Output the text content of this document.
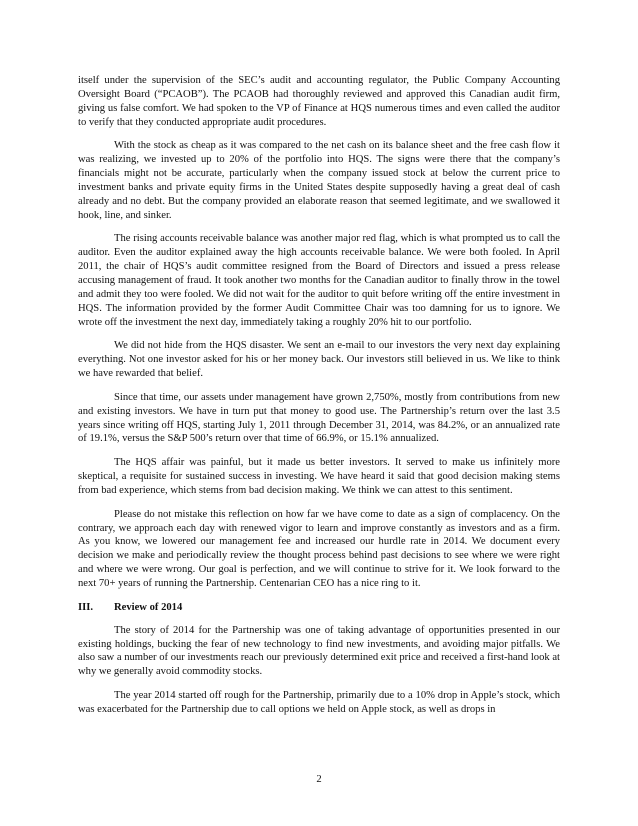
itself under the supervision of the SEC’s audit and accounting regulator, the Public Company Accounting Oversight Board (“PCAOB”). The PCAOB had thoroughly reviewed and approved this Canadian audit firm, giving us false comfort. We had spoken to the VP of Finance at HQS numerous times and even called the auditor to verify that they conducted appropriate audit procedures.

With the stock as cheap as it was compared to the net cash on its balance sheet and the free cash flow it was realizing, we invested up to 20% of the portfolio into HQS. The signs were there that the company’s financials might not be accurate, particularly when the company issued stock at below the current price to investment banks and private equity firms in the United States despite supposedly having a great deal of cash already and no debt. But the company provided an elaborate reason that seemed legitimate, and we swallowed it hook, line, and sinker.

The rising accounts receivable balance was another major red flag, which is what prompted us to call the auditor. Even the auditor explained away the high accounts receivable balance. We were both fooled. In April 2011, the chair of HQS’s audit committee resigned from the Board of Directors and issued a press release accusing management of fraud. It took another two months for the Canadian auditor to finally throw in the towel and admit they too were fooled. We did not wait for the auditor to quit before writing off the entire investment in HQS. The information provided by the former Audit Committee Chair was too damning for us to ignore. We wrote off the investment the next day, immediately taking a roughly 20% hit to our portfolio.

We did not hide from the HQS disaster. We sent an e-mail to our investors the very next day explaining everything. Not one investor asked for his or her money back. Our investors still believed in us. We like to think we have rewarded that belief.

Since that time, our assets under management have grown 2,750%, mostly from contributions from new and existing investors. We have in turn put that money to good use. The Partnership’s return over the last 3.5 years since writing off HQS, starting July 1, 2011 through December 31, 2014, was 84.2%, or an annualized rate of 19.1%, versus the S&P 500’s return over that time of 66.9%, or 15.1% annualized.

The HQS affair was painful, but it made us better investors. It served to make us infinitely more skeptical, a requisite for sustained success in investing. We have heard it said that good decision making stems from bad experience, which stems from bad decision making. We think we can attest to this sentiment.

Please do not mistake this reflection on how far we have come to date as a sign of complacency. On the contrary, we approach each day with renewed vigor to learn and improve constantly as investors and as a firm. As you know, we lowered our management fee and increased our hurdle rate in 2014. We document every decision we make and periodically review the thought process behind past decisions to see where we were right and where we were wrong. Our goal is perfection, and we will continue to strive for it. We look forward to the next 70+ years of running the Partnership. Centenarian CEO has a nice ring to it.

III.	Review of 2014

The story of 2014 for the Partnership was one of taking advantage of opportunities presented in our existing holdings, bucking the fear of new technology to find new investments, and avoiding major pitfalls. We also saw a number of our investments reach our previously determined exit price and received a first-hand look at why we generally avoid commodity stocks.

The year 2014 started off rough for the Partnership, primarily due to a 10% drop in Apple’s stock, which was exacerbated for the Partnership due to call options we held on Apple stock, as well as drops in

2
